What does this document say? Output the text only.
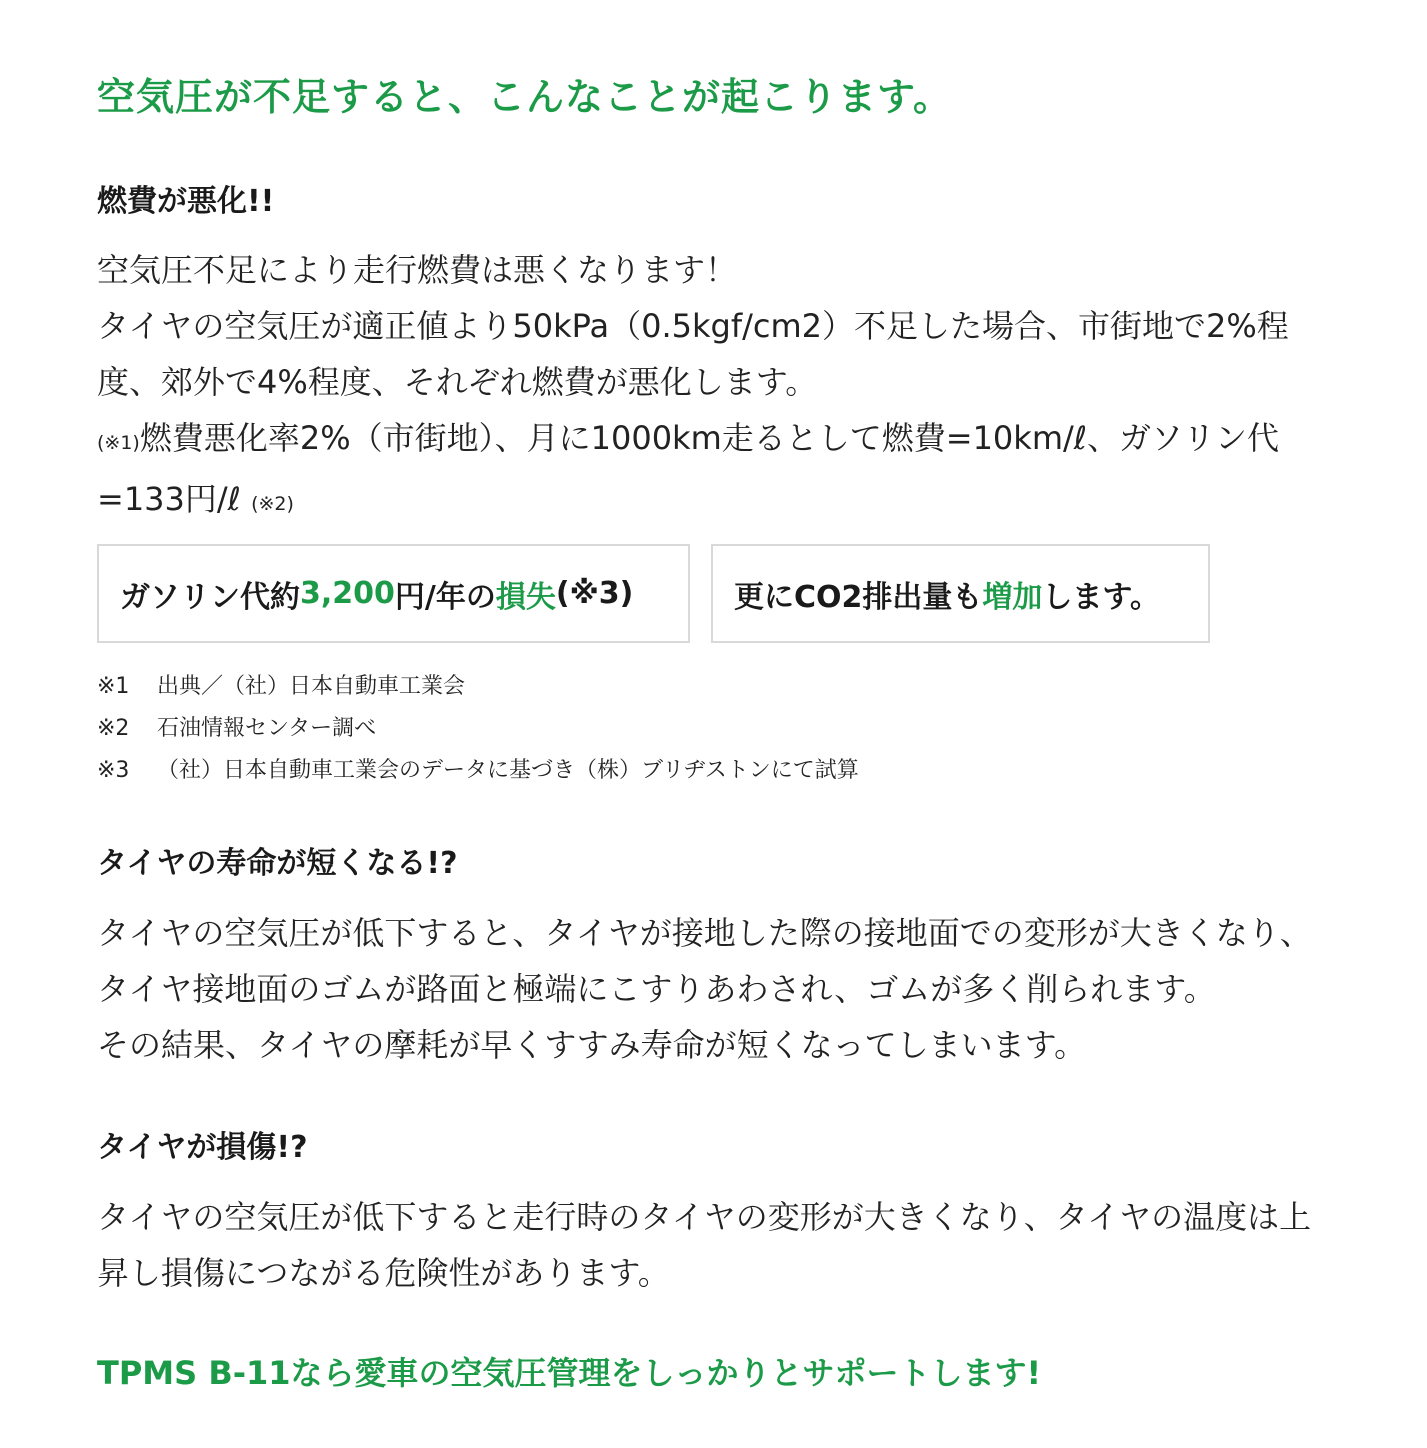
空気圧が不足すると、こんなことが起こります。
燃費が悪化!!

空気圧不足により走行燃費は悪くなります！

タイヤの空気圧が適正値より50kPa（0.5kgf/cm2）不足した場合、市街地で2%程度、郊外で4%程度、それぞれ燃費が悪化します。

(※1)燃費悪化率2%（市街地）、月に1000km走るとして燃費=10km/ℓ、ガソリン代=133円/ℓ (※2)

ガソリン代約 3,200 円/年の 損失 (※3)	更にCO2排出量も 増加 します。
※1 出典／（社）日本自動車工業会
※2 石油情報センター調べ
※3 （社）日本自動車工業会のデータに基づき（株）ブリヂストンにて試算
タイヤの寿命が短くなる!?

タイヤの空気圧が低下すると、タイヤが接地した際の接地面での変形が大きくなり、

タイヤ接地面のゴムが路面と極端にこすりあわされ、ゴムが多く削られます。

その結果、タイヤの摩耗が早くすすみ寿命が短くなってしまいます。

タイヤが損傷!?

タイヤの空気圧が低下すると走行時のタイヤの変形が大きくなり、タイヤの温度は上昇し損傷につながる危険性があります。

TPMS B-11なら愛車の空気圧管理をしっかりとサポートします!
